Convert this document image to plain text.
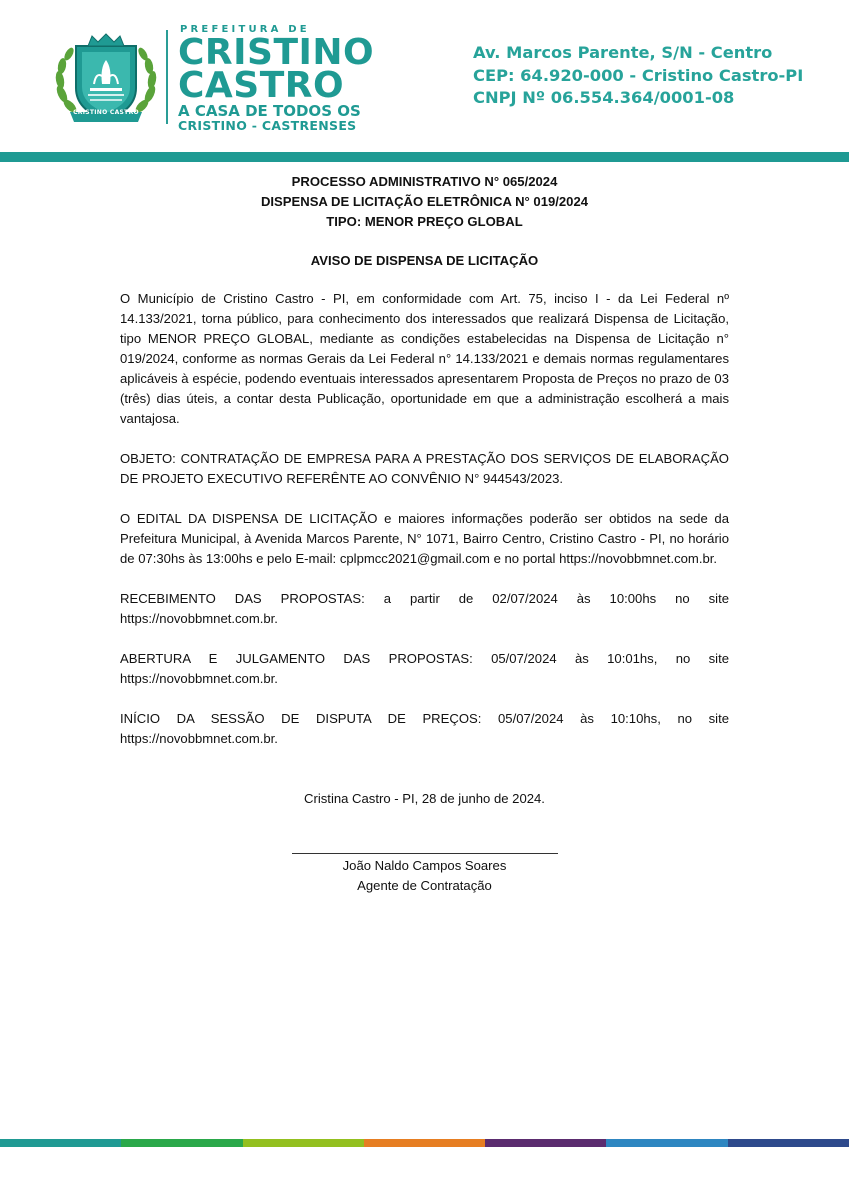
CRISTINO CASTRO
PREFEITURA DE
CRISTINO
CASTRO
A CASA DE TODOS OS
CRISTINO - CASTRENSES
Av. Marcos Parente, S/N - Centro
CEP: 64.920-000 - Cristino Castro-PI
CNPJ Nº 06.554.364/0001-08
PROCESSO ADMINISTRATIVO N° 065/2024
DISPENSA DE LICITAÇÃO ELETRÔNICA N° 019/2024
TIPO: MENOR PREÇO GLOBAL
AVISO DE DISPENSA DE LICITAÇÃO

O Município de Cristino Castro - PI, em conformidade com Art. 75, inciso I - da Lei Federal nº 14.133/2021, torna público, para conhecimento dos interessados que realizará Dispensa de Licitação, tipo MENOR PREÇO GLOBAL, mediante as condições estabelecidas na Dispensa de Licitação n° 019/2024, conforme as normas Gerais da Lei Federal n° 14.133/2021 e demais normas regulamentares aplicáveis à espécie, podendo eventuais interessados apresentarem Proposta de Preços no prazo de 03 (três) dias úteis, a contar desta Publicação, oportunidade em que a administração escolherá a mais vantajosa.

OBJETO: CONTRATAÇÃO DE EMPRESA PARA A PRESTAÇÃO DOS SERVIÇOS DE ELABORAÇÃO DE PROJETO EXECUTIVO REFERÊNTE AO CONVÊNIO N° 944543/2023.

O EDITAL DA DISPENSA DE LICITAÇÃO e maiores informações poderão ser obtidos na sede da Prefeitura Municipal, à Avenida Marcos Parente, N° 1071, Bairro Centro, Cristino Castro - PI, no horário de 07:30hs às 13:00hs e pelo E-mail: cplpmcc2021@gmail.com e no portal https://novobbmnet.com.br.

RECEBIMENTO DAS PROPOSTAS: a partir de 02/07/2024 às 10:00hs no site https://novobbmnet.com.br.

ABERTURA E JULGAMENTO DAS PROPOSTAS: 05/07/2024 às 10:01hs, no site https://novobbmnet.com.br.

INÍCIO DA SESSÃO DE DISPUTA DE PREÇOS: 05/07/2024 às 10:10hs, no site https://novobbmnet.com.br.

Cristina Castro - PI, 28 de junho de 2024.
João Naldo Campos Soares
Agente de Contratação
